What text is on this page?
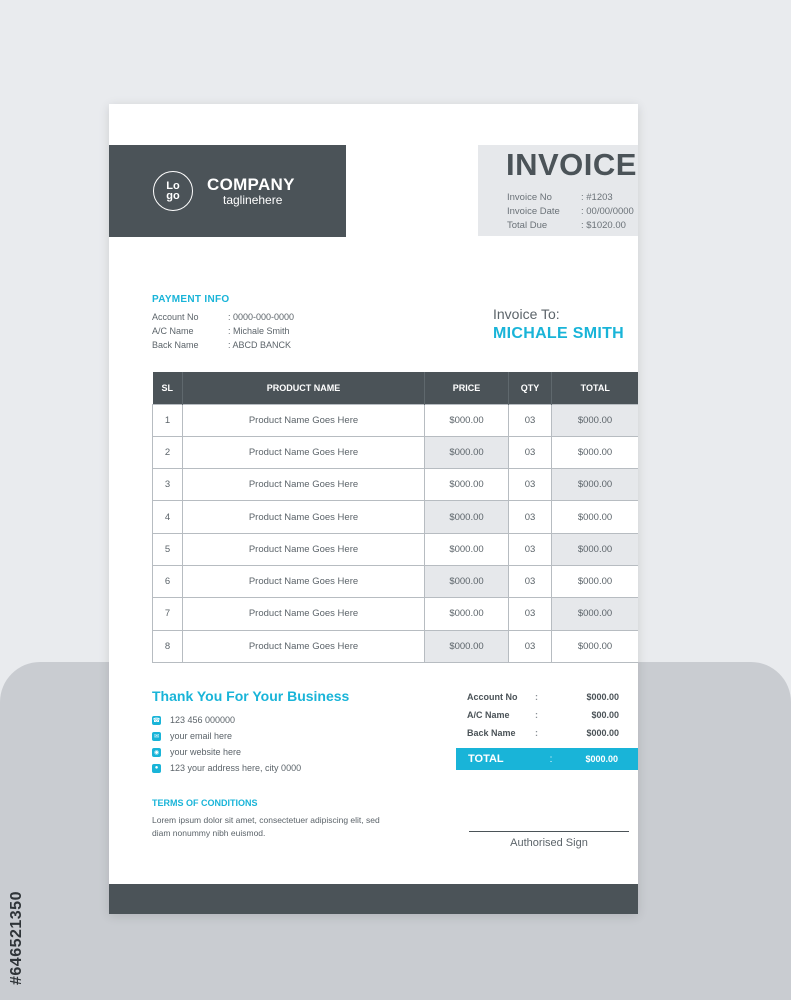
#646521350
Lo
go
COMPANY
taglinehere
INVOICE
Invoice No	: #1203
Invoice Date	: 00/00/0000
Total Due	: $1020.00
PAYMENT INFO
Account No	: 0000-000-0000
A/C Name	: Michale Smith
Back Name	: ABCD BANCK
Invoice To:
MICHALE SMITH
SL	PRODUCT NAME	PRICE	QTY	TOTAL
1	Product Name Goes Here	$000.00	03	$000.00
2	Product Name Goes Here	$000.00	03	$000.00
3	Product Name Goes Here	$000.00	03	$000.00
4	Product Name Goes Here	$000.00	03	$000.00
5	Product Name Goes Here	$000.00	03	$000.00
6	Product Name Goes Here	$000.00	03	$000.00
7	Product Name Goes Here	$000.00	03	$000.00
8	Product Name Goes Here	$000.00	03	$000.00
Thank You For Your Business
☎ 123 456 000000
✉ your email here
◉ your website here
● 123 your address here, city 0000
Account No	:	$000.00
A/C Name	:	$00.00
Back Name	:	$000.00
TOTAL	:	$000.00
TERMS OF CONDITIONS
Lorem ipsum dolor sit amet, consectetuer adipiscing elit, sed diam nonummy nibh euismod.
Authorised Sign
